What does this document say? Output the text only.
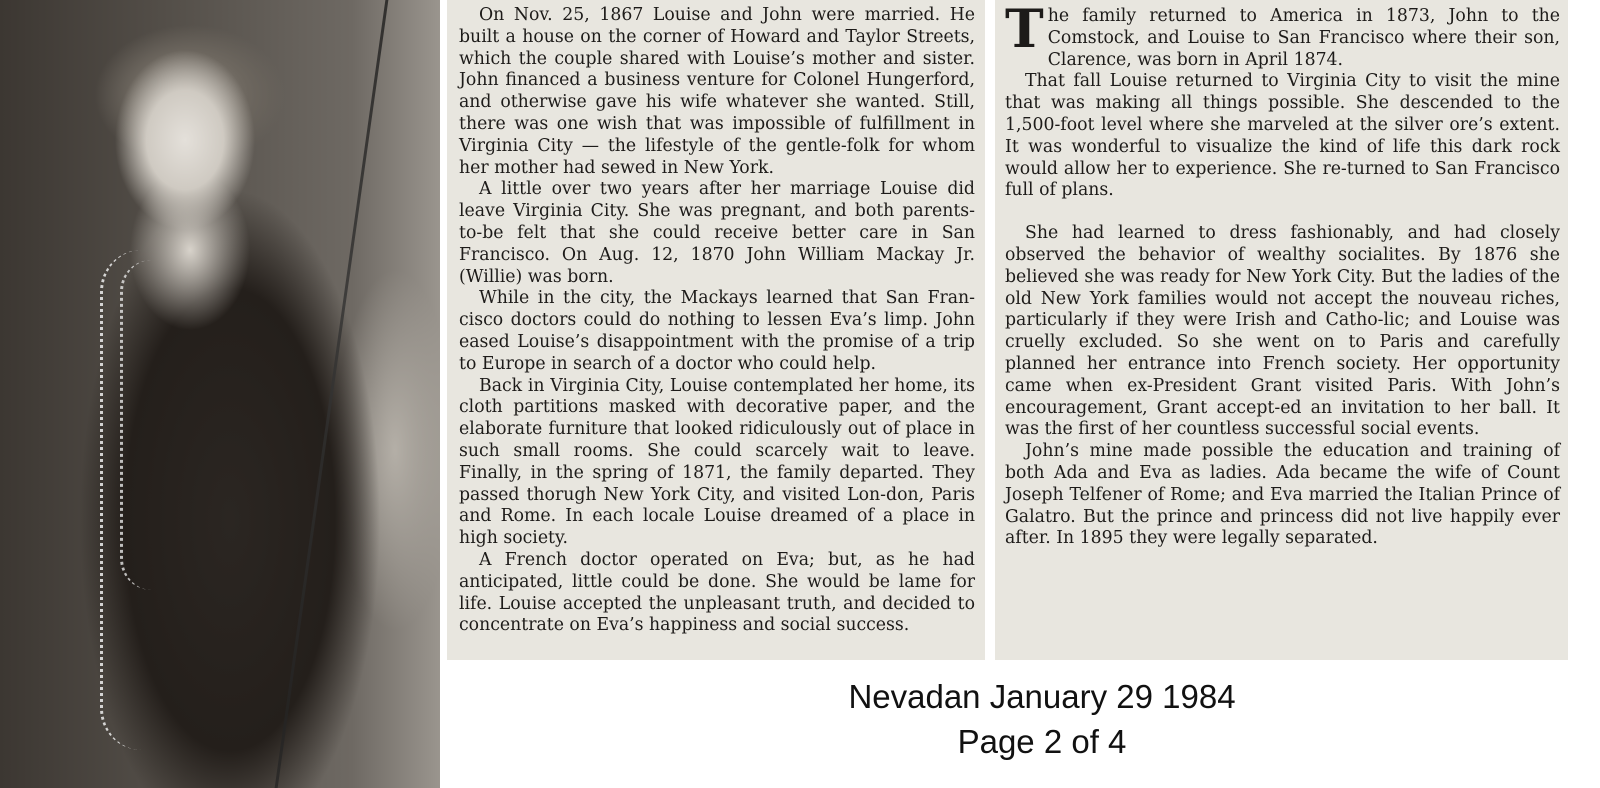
On Nov. 25, 1867 Louise and John were married. He built a house on the corner of Howard and Taylor Streets, which the couple shared with Louise’s mother and sister. John financed a business venture for Colonel Hungerford, and otherwise gave his wife whatever she wanted. Still, there was one wish that was impossible of fulfillment in Virginia City — the lifestyle of the gentle-folk for whom her mother had sewed in New York.

A little over two years after her marriage Louise did leave Virginia City. She was pregnant, and both parents-to-be felt that she could receive better care in San Francisco. On Aug. 12, 1870 John William Mackay Jr. (Willie) was born.

While in the city, the Mackays learned that San Fran-cisco doctors could do nothing to lessen Eva’s limp. John eased Louise’s disappointment with the promise of a trip to Europe in search of a doctor who could help.

Back in Virginia City, Louise contemplated her home, its cloth partitions masked with decorative paper, and the elaborate furniture that looked ridiculously out of place in such small rooms. She could scarcely wait to leave. Finally, in the spring of 1871, the family departed. They passed thorugh New York City, and visited Lon-don, Paris and Rome. In each locale Louise dreamed of a place in high society.

A French doctor operated on Eva; but, as he had anticipated, little could be done. She would be lame for life. Louise accepted the unpleasant truth, and decided to concentrate on Eva’s happiness and social success.

T he family returned to America in 1873, John to the Comstock, and Louise to San Francisco where their son, Clarence, was born in April 1874.

That fall Louise returned to Virginia City to visit the mine that was making all things possible. She descended to the 1,500-foot level where she marveled at the silver ore’s extent. It was wonderful to visualize the kind of life this dark rock would allow her to experience. She re-turned to San Francisco full of plans.

She had learned to dress fashionably, and had closely observed the behavior of wealthy socialites. By 1876 she believed she was ready for New York City. But the ladies of the old New York families would not accept the nouveau riches, particularly if they were Irish and Catho-lic; and Louise was cruelly excluded. So she went on to Paris and carefully planned her entrance into French society. Her opportunity came when ex-President Grant visited Paris. With John’s encouragement, Grant accept-ed an invitation to her ball. It was the first of her countless successful social events.

John’s mine made possible the education and training of both Ada and Eva as ladies. Ada became the wife of Count Joseph Telfener of Rome; and Eva married the Italian Prince of Galatro. But the prince and princess did not live happily ever after. In 1895 they were legally separated.

Nevadan January 29 1984
Page 2 of 4
